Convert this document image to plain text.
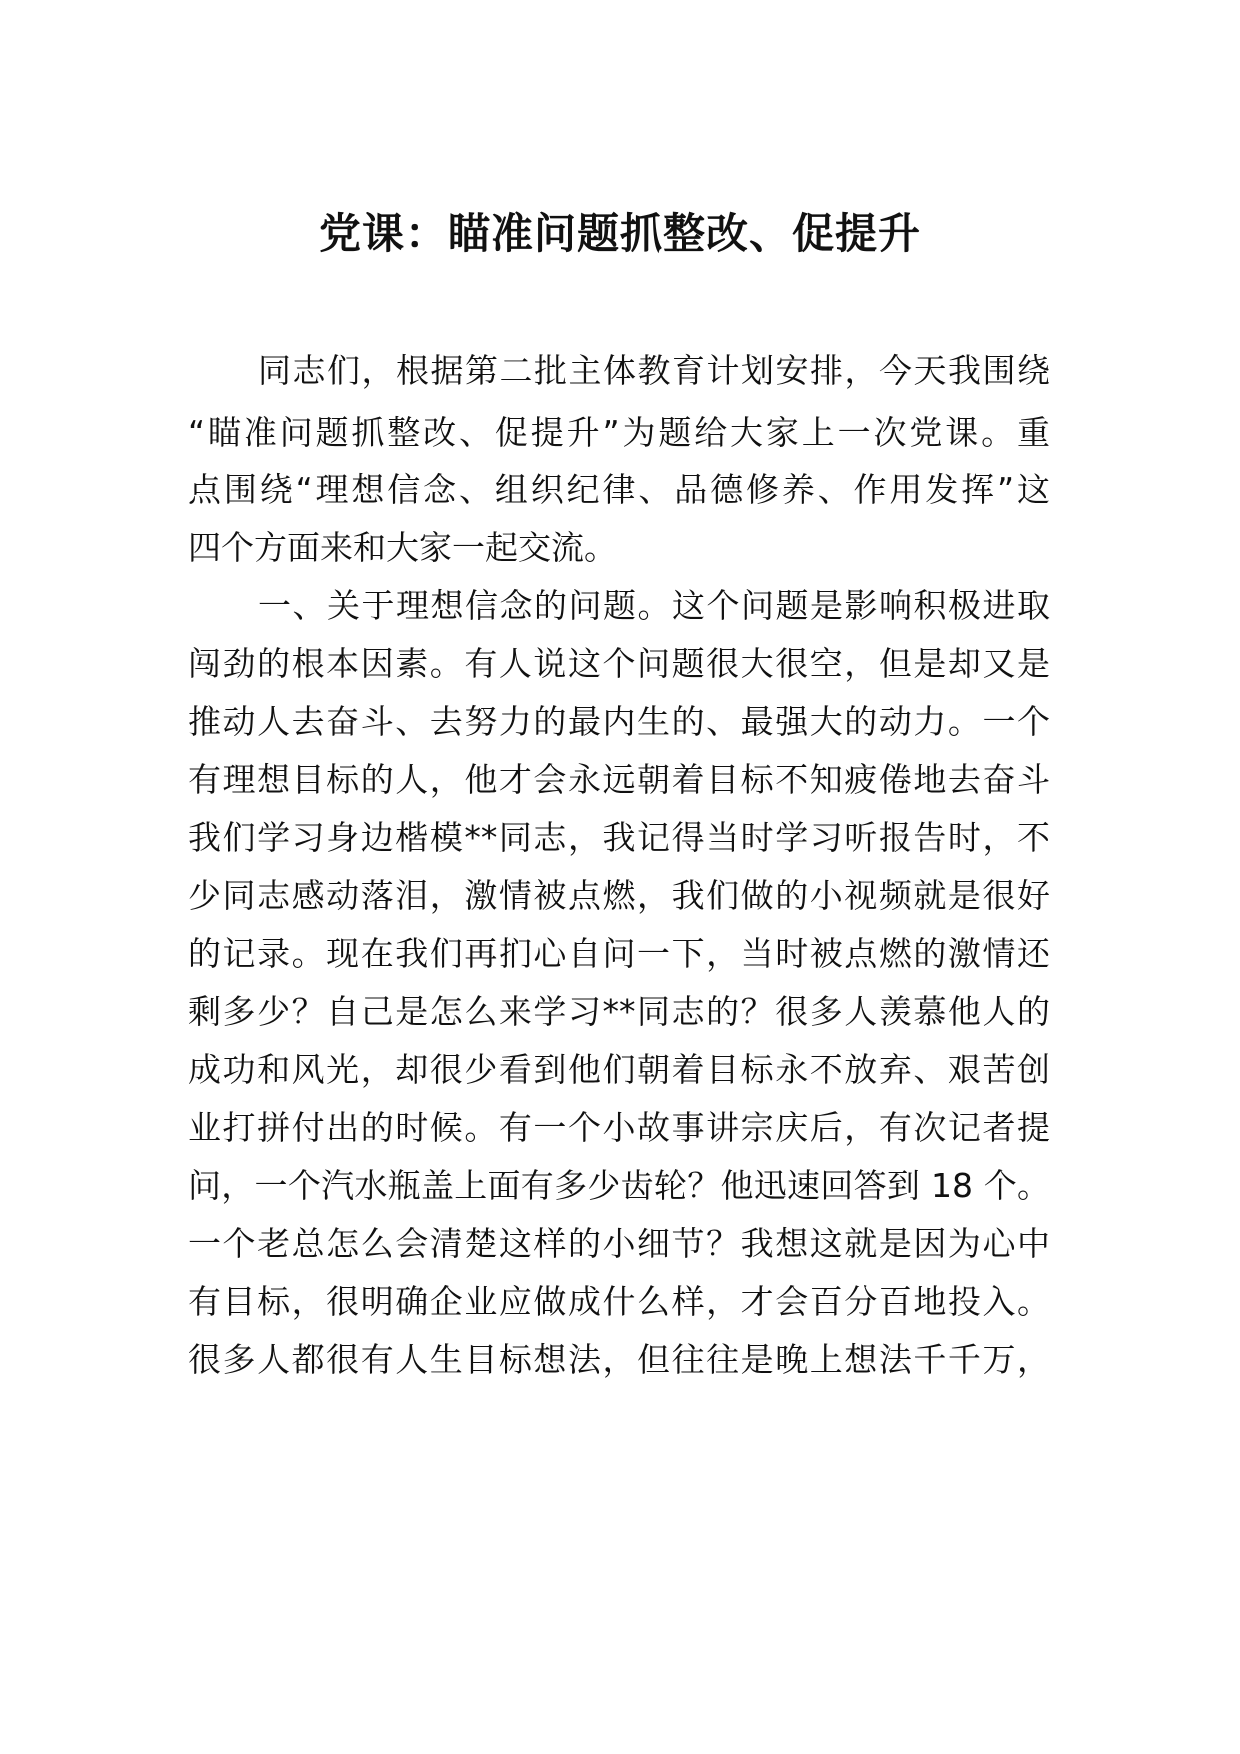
党课：瞄准问题抓整改、促提升
同志们，根据第二批主体教育计划安排，今天我围绕
“瞄准问题抓整改、促提升”为题给大家上一次党课。重
点围绕“理想信念、组织纪律、品德修养、作用发挥”这
四个方面来和大家一起交流。
一、关于理想信念的问题。这个问题是影响积极进取
闯劲的根本因素。有人说这个问题很大很空，但是却又是
推动人去奋斗、去努力的最内生的、最强大的动力。一个
有理想目标的人，他才会永远朝着目标不知疲倦地去奋斗
我们学习身边楷模**同志，我记得当时学习听报告时，不
少同志感动落泪，激情被点燃，我们做的小视频就是很好
的记录。现在我们再扪心自问一下，当时被点燃的激情还
剩多少？自己是怎么来学习**同志的？很多人羡慕他人的
成功和风光，却很少看到他们朝着目标永不放弃、艰苦创
业打拼付出的时候。有一个小故事讲宗庆后，有次记者提
问，一个汽水瓶盖上面有多少齿轮？他迅速回答到 18 个。
一个老总怎么会清楚这样的小细节？我想这就是因为心中
有目标，很明确企业应做成什么样，才会百分百地投入。
很多人都很有人生目标想法，但往往是晚上想法千千万，
